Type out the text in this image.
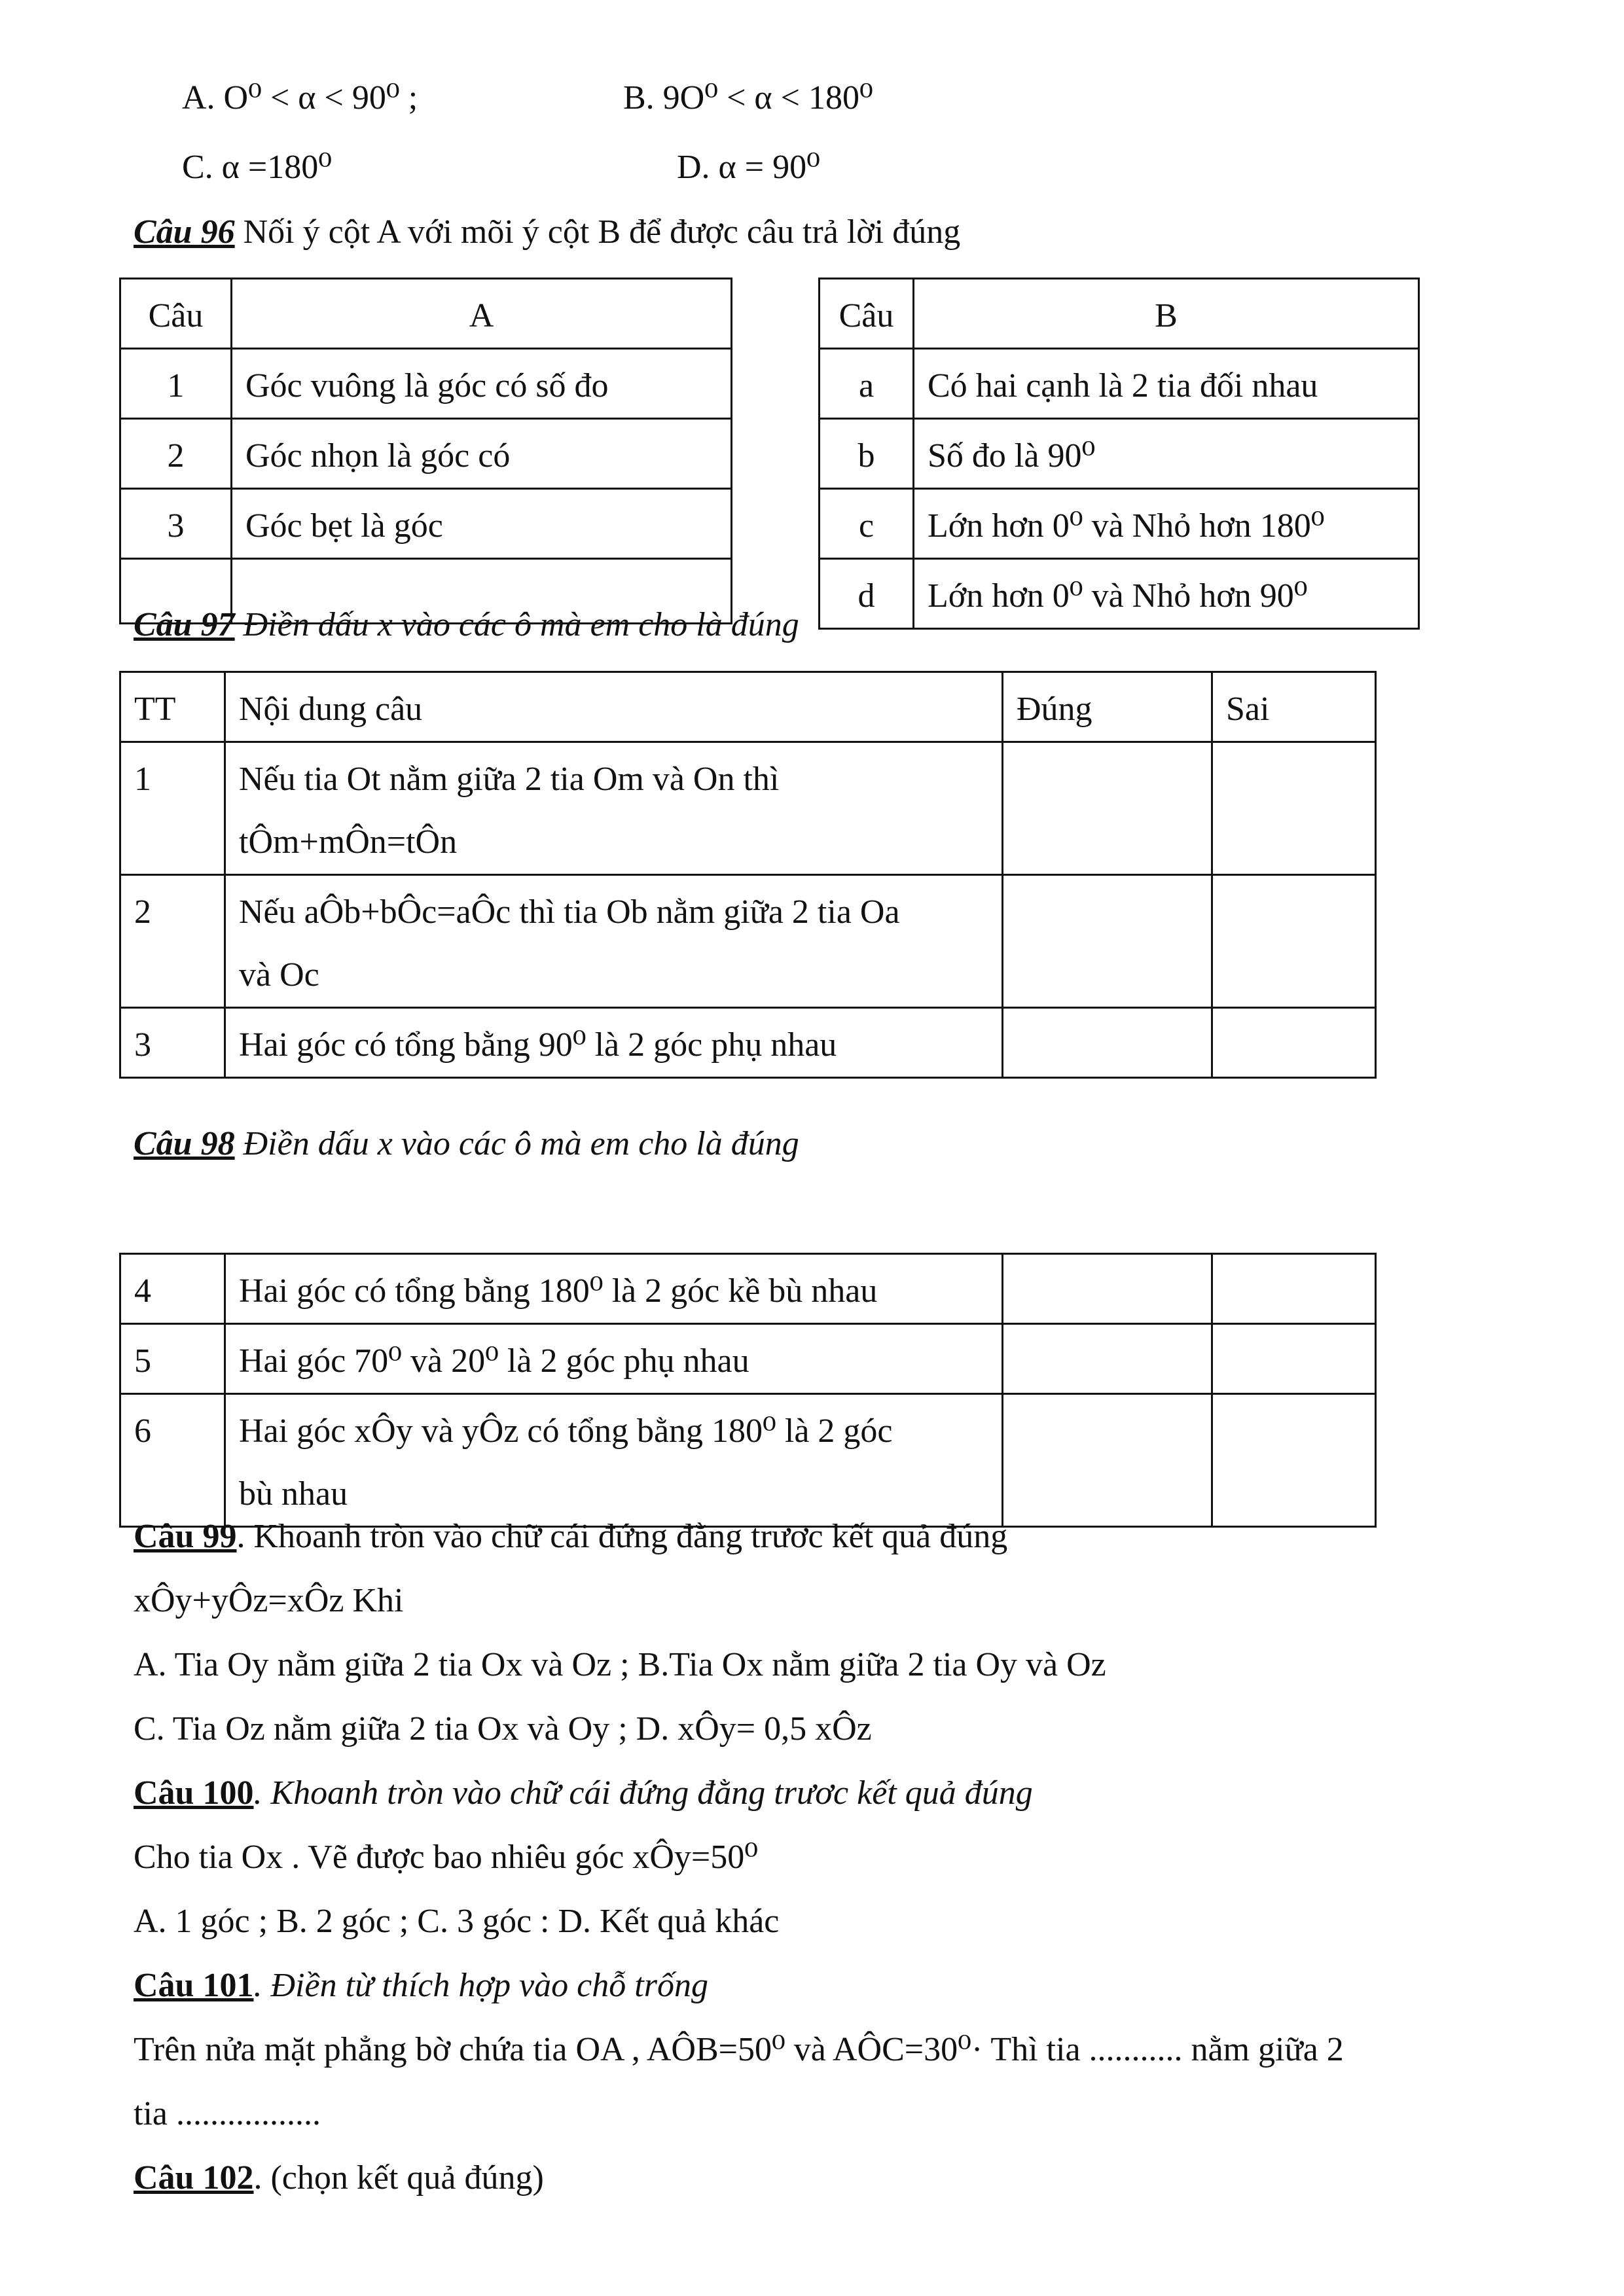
A. O⁰ < α < 90⁰ ;	B. 9O⁰ < α < 180⁰
C. α =180⁰	D. α = 90⁰
Câu 96 Nối ý cột A với mõi ý cột B để được câu trả lời đúng
Câu	A
1	Góc vuông là góc có số đo
2	Góc nhọn là góc có
3	Góc bẹt là góc

Câu	B
a	Có hai cạnh là 2 tia đối nhau
b	Số đo là 90⁰
c	Lớn hơn 0⁰ và Nhỏ hơn 180⁰
d	Lớn hơn 0⁰ và Nhỏ hơn 90⁰
Câu 97 Điền dấu x vào các ô mà em cho là đúng
TT	Nội dung câu	Đúng	Sai
1	Nếu tia Ot nằm giữa 2 tia Om và On thì
tÔm+mÔn=tÔn		

2	Nếu aÔb+bÔc=aÔc thì tia Ob nằm giữa 2 tia Oa
và Oc		

3	Hai góc có tổng bằng 90⁰ là 2 góc phụ nhau		

Câu 98 Điền dấu x vào các ô mà em cho là đúng
4	Hai góc có tổng bằng 180⁰ là 2 góc kề bù nhau		

5	Hai góc 70⁰ và 20⁰ là 2 góc phụ nhau		

6	Hai góc xÔy và yÔz có tổng bằng 180⁰ là 2 góc
bù nhau		

Câu 99. Khoanh tròn vào chữ cái đứng đằng trươc kết quả đúng
xÔy+yÔz=xÔz Khi
A. Tia Oy nằm giữa 2 tia Ox và Oz ; B.Tia Ox nằm giữa 2 tia Oy và Oz
C. Tia Oz nằm giữa 2 tia Ox và Oy ; D. xÔy= 0,5 xÔz
Câu 100. Khoanh tròn vào chữ cái đứng đằng trươc kết quả đúng
Cho tia Ox . Vẽ được bao nhiêu góc xÔy=50⁰
A. 1 góc ; B. 2 góc ; C. 3 góc : D. Kết quả khác
Câu 101. Điền từ thích hợp vào chỗ trống
Trên nửa mặt phẳng bờ chứa tia OA , AÔB=50⁰ và AÔC=30⁰· Thì tia ........... nằm giữa 2
tia .................
Câu 102. (chọn kết quả đúng)
